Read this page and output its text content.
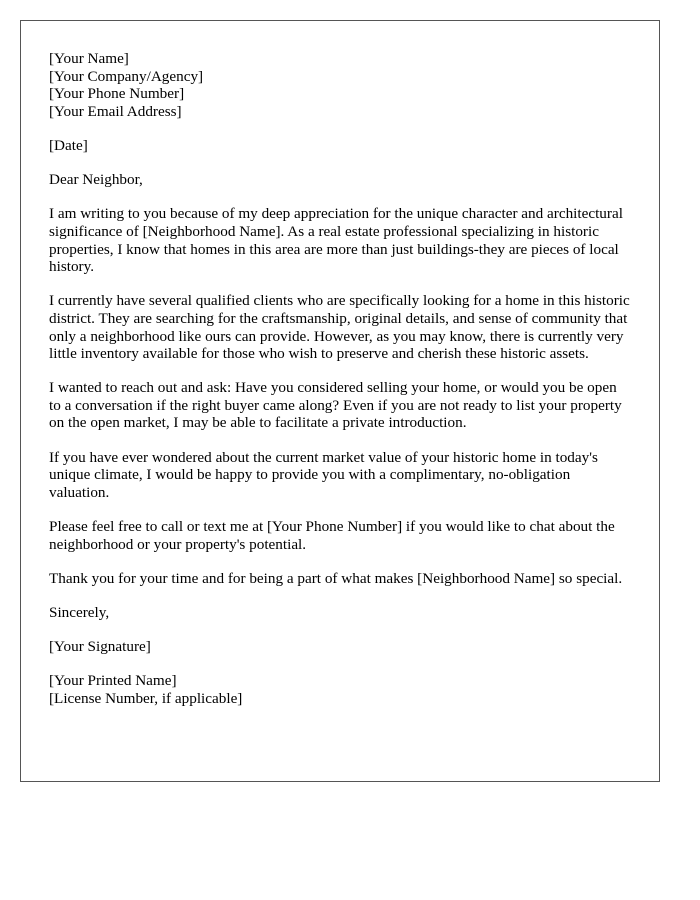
[Your Name]

[Your Company/Agency]

[Your Phone Number]

[Your Email Address]

[Date]

Dear Neighbor,

I am writing to you because of my deep appreciation for the unique character and architectural significance of [Neighborhood Name]. As a real estate professional specializing in historic properties, I know that homes in this area are more than just buildings-they are pieces of local history.

I currently have several qualified clients who are specifically looking for a home in this historic district. They are searching for the craftsmanship, original details, and sense of community that only a neighborhood like ours can provide. However, as you may know, there is currently very little inventory available for those who wish to preserve and cherish these historic assets.

I wanted to reach out and ask: Have you considered selling your home, or would you be open to a conversation if the right buyer came along? Even if you are not ready to list your property on the open market, I may be able to facilitate a private introduction.

If you have ever wondered about the current market value of your historic home in today's unique climate, I would be happy to provide you with a complimentary, no-obligation valuation.

Please feel free to call or text me at [Your Phone Number] if you would like to chat about the neighborhood or your property's potential.

Thank you for your time and for being a part of what makes [Neighborhood Name] so special.

Sincerely,

[Your Signature]

[Your Printed Name]

[License Number, if applicable]
